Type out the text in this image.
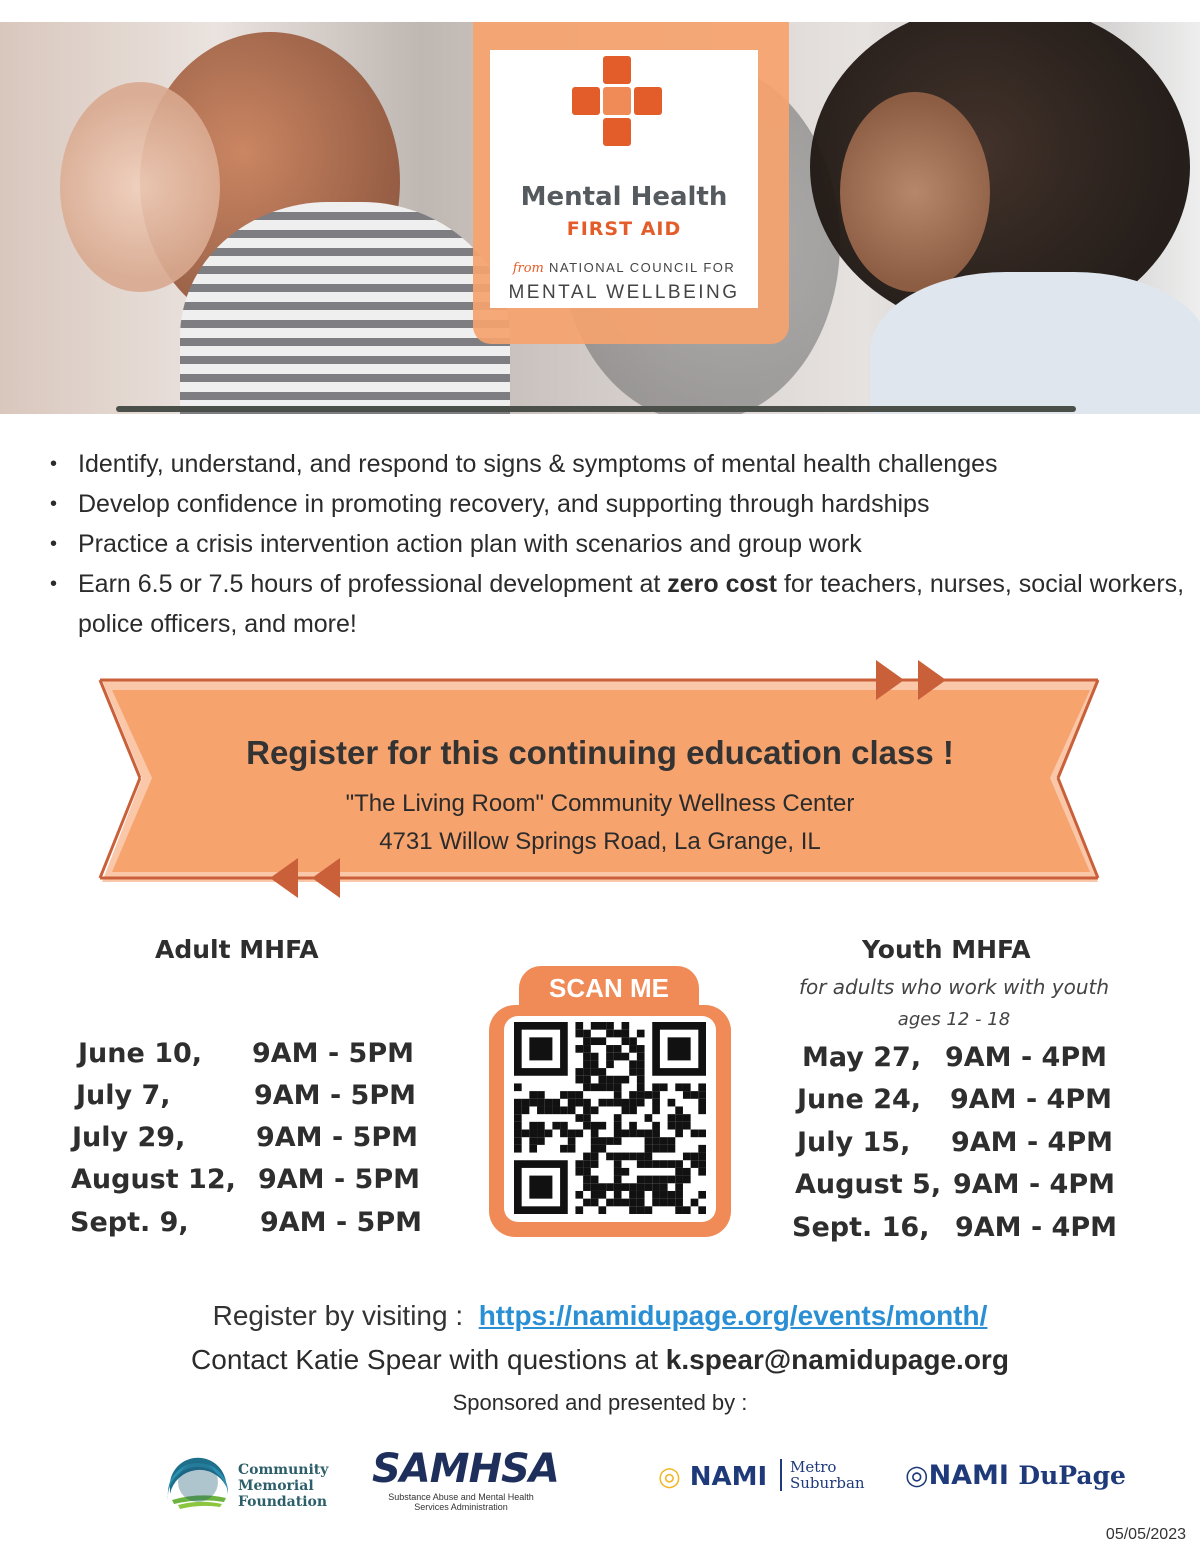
Mental Health
FIRST AID
from NATIONAL COUNCIL FOR
MENTAL WELLBEING
• Identify, understand, and respond to signs & symptoms of mental health challenges
• Develop confidence in promoting recovery, and supporting through hardships
• Practice a crisis intervention action plan with scenarios and group work
• Earn 6.5 or 7.5 hours of professional development at zero cost for teachers, nurses, social workers, police officers, and more!
Register for this continuing education class !
"The Living Room" Community Wellness Center
4731 Willow Springs Road, La Grange, IL
Adult MHFA
June 10, 9AM - 5PM
July 7,	9AM - 5PM
July 29,	9AM - 5PM
August 12, 9AM - 5PM
Sept. 9,	9AM - 5PM
SCAN ME
Youth MHFA
for adults who work with youth
ages 12 - 18
May 27, 9AM - 4PM
June 24, 9AM - 4PM
July 15, 9AM - 4PM
August 5, 9AM - 4PM
Sept. 16, 9AM - 4PM
Register by visiting : https://namidupage.org/events/month/
Contact Katie Spear with questions at k.spear@namidupage.org
Sponsored and presented by :
Community
Memorial
Foundation
SAMHSA
Substance Abuse and Mental Health
Services Administration
◎ NAMI Metro
Suburban ◎NAMI DuPage
05/05/2023
